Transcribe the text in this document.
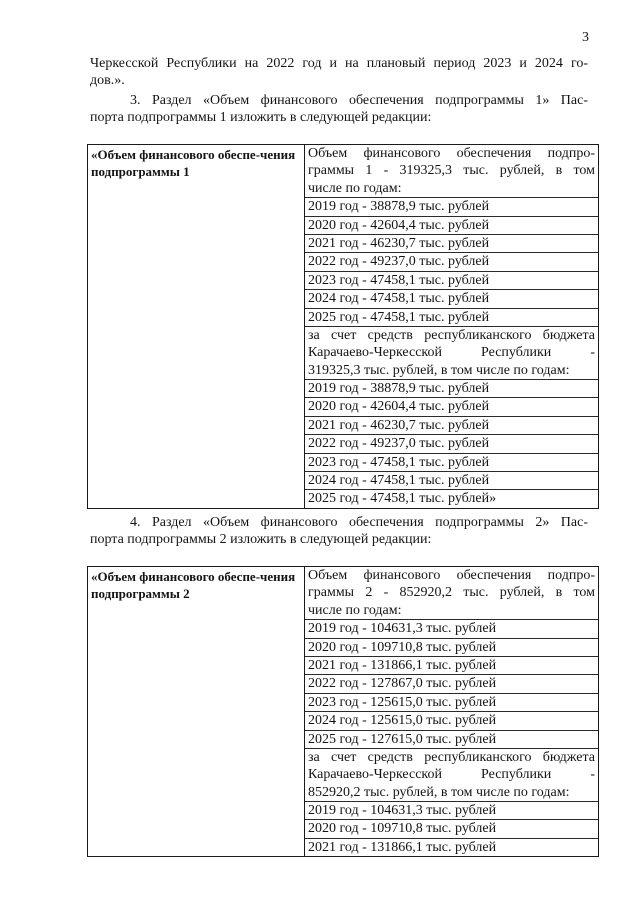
3
Черкесской Республики на 2022 год и на плановый период 2023 и 2024 го-
дов.».
3. Раздел «Объем финансового обеспечения подпрограммы 1» Пас-
порта подпрограммы 1 изложить в следующей редакции:
«Объем финансового обеспе-чения подпрограммы 1

Объем финансового обеспечения подпро-
граммы 1 - 319325,3 тыс. рублей, в том
числе по годам:
2019 год - 38878,9 тыс. рублей
2020 год - 42604,4 тыс. рублей
2021 год - 46230,7 тыс. рублей
2022 год - 49237,0 тыс. рублей
2023 год - 47458,1 тыс. рублей
2024 год - 47458,1 тыс. рублей
2025 год - 47458,1 тыс. рублей
за счет средств республиканского бюджета
Карачаево-Черкесской Республики -
319325,3 тыс. рублей, в том числе по годам:
2019 год - 38878,9 тыс. рублей
2020 год - 42604,4 тыс. рублей
2021 год - 46230,7 тыс. рублей
2022 год - 49237,0 тыс. рублей
2023 год - 47458,1 тыс. рублей
2024 год - 47458,1 тыс. рублей
2025 год - 47458,1 тыс. рублей»
4. Раздел «Объем финансового обеспечения подпрограммы 2» Пас-
порта подпрограммы 2 изложить в следующей редакции:
«Объем финансового обеспе-чения подпрограммы 2

Объем финансового обеспечения подпро-
граммы 2 - 852920,2 тыс. рублей, в том
числе по годам:
2019 год - 104631,3 тыс. рублей
2020 год - 109710,8 тыс. рублей
2021 год - 131866,1 тыс. рублей
2022 год - 127867,0 тыс. рублей
2023 год - 125615,0 тыс. рублей
2024 год - 125615,0 тыс. рублей
2025 год - 127615,0 тыс. рублей
за счет средств республиканского бюджета
Карачаево-Черкесской Республики -
852920,2 тыс. рублей, в том числе по годам:
2019 год - 104631,3 тыс. рублей
2020 год - 109710,8 тыс. рублей
2021 год - 131866,1 тыс. рублей
